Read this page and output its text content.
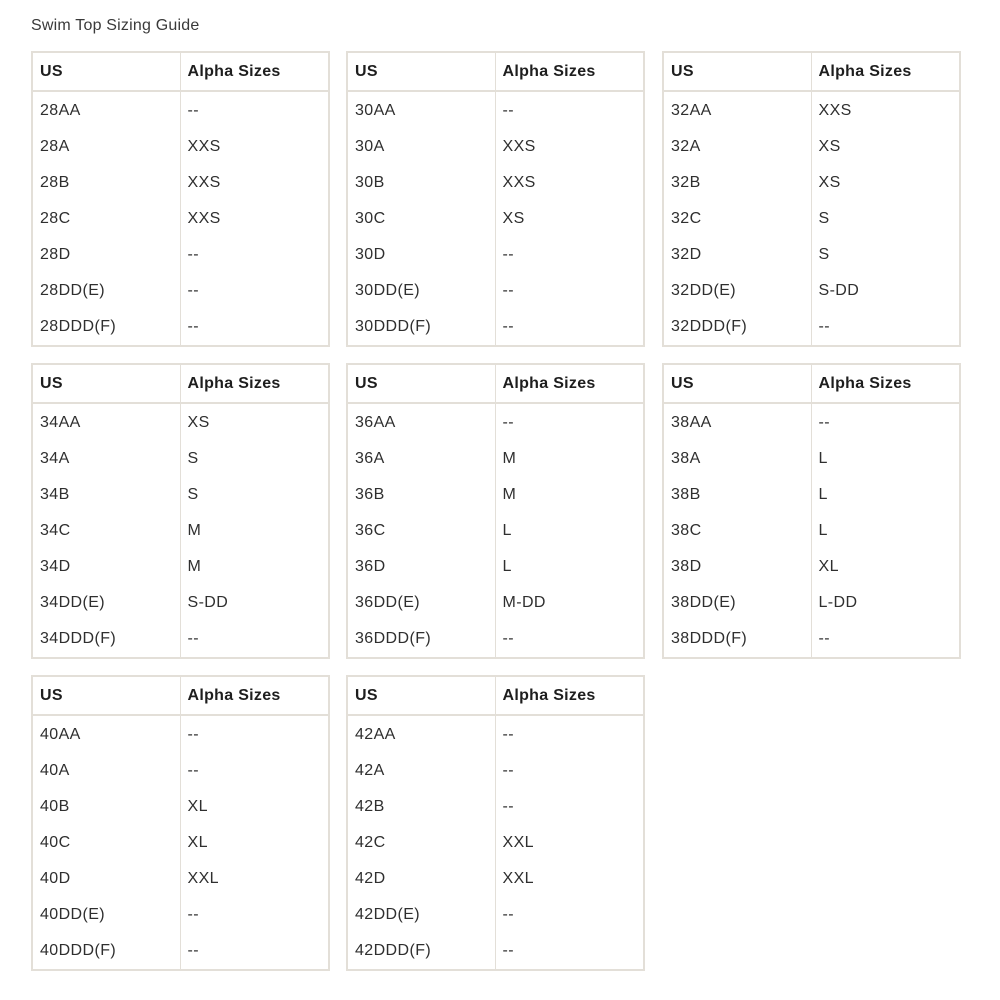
Swim Top Sizing Guide
US	Alpha Sizes
28AA	--
28A	XXS
28B	XXS
28C	XXS
28D	--
28DD(E)	--
28DDD(F)	--
US	Alpha Sizes
30AA	--
30A	XXS
30B	XXS
30C	XS
30D	--
30DD(E)	--
30DDD(F)	--
US	Alpha Sizes
32AA	XXS
32A	XS
32B	XS
32C	S
32D	S
32DD(E)	S-DD
32DDD(F)	--
US	Alpha Sizes
34AA	XS
34A	S
34B	S
34C	M
34D	M
34DD(E)	S-DD
34DDD(F)	--
US	Alpha Sizes
36AA	--
36A	M
36B	M
36C	L
36D	L
36DD(E)	M-DD
36DDD(F)	--
US	Alpha Sizes
38AA	--
38A	L
38B	L
38C	L
38D	XL
38DD(E)	L-DD
38DDD(F)	--
US	Alpha Sizes
40AA	--
40A	--
40B	XL
40C	XL
40D	XXL
40DD(E)	--
40DDD(F)	--
US	Alpha Sizes
42AA	--
42A	--
42B	--
42C	XXL
42D	XXL
42DD(E)	--
42DDD(F)	--
